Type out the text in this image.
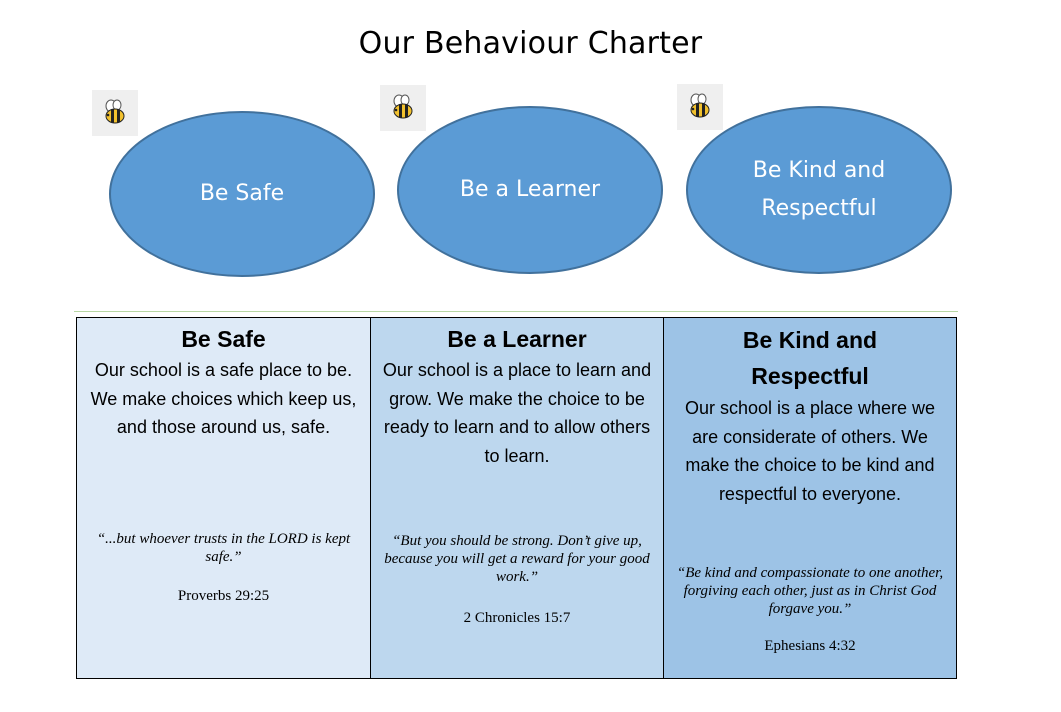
Our Behaviour Charter
Be Safe	Be a Learner
Be Kind and
Respectful
Be Safe
Our school is a safe place to be. We make choices which keep us, and those around us, safe.
“...but whoever trusts in the LORD is kept safe.”
Proverbs 29:25
Be a Learner
Our school is a place to learn and grow. We make the choice to be ready to learn and to allow others to learn.
“But you should be strong. Don’t give up, because you will get a reward for your good work.”
2 Chronicles 15:7
Be Kind and Respectful
Our school is a place where we are considerate of others. We make the choice to be kind and respectful to everyone.
“Be kind and compassionate to one another, forgiving each other, just as in Christ God forgave you.”
Ephesians 4:32
